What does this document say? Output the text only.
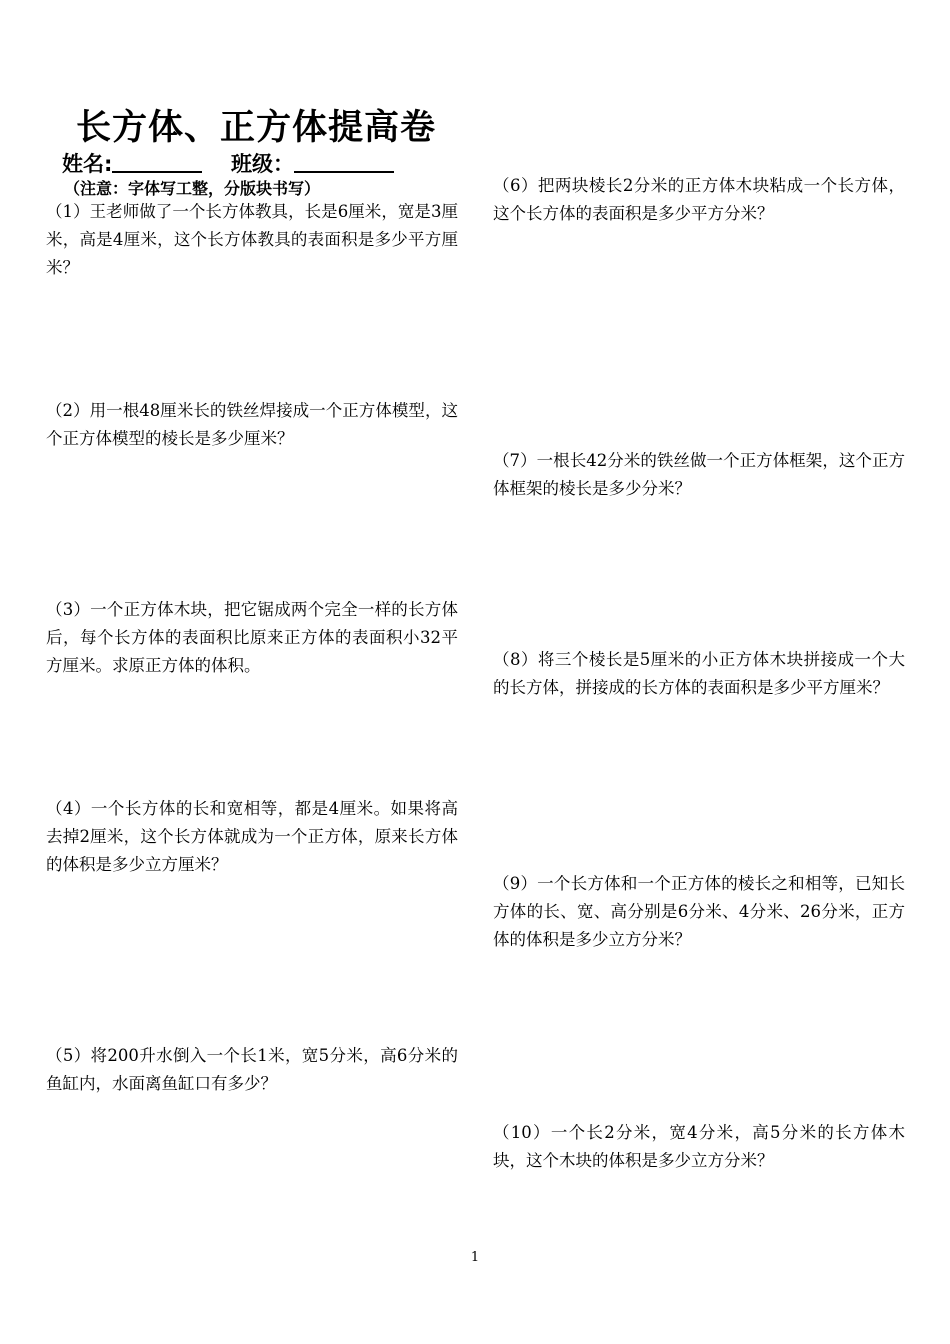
长方体、正方体提高卷
姓名:	班级：
（注意：字体写工整，分版块书写）
（1）王老师做了一个长方体教具，长是6厘米，宽是3厘米，高是4厘米，这个长方体教具的表面积是多少平方厘米？
（2）用一根48厘米长的铁丝焊接成一个正方体模型，这个正方体模型的棱长是多少厘米？
（3）一个正方体木块，把它锯成两个完全一样的长方体后，每个长方体的表面积比原来正方体的表面积小32平方厘米。求原正方体的体积。
（4）一个长方体的长和宽相等，都是4厘米。如果将高去掉2厘米，这个长方体就成为一个正方体，原来长方体的体积是多少立方厘米？
（5）将200升水倒入一个长1米，宽5分米，高6分米的鱼缸内，水面离鱼缸口有多少？
（6）把两块棱长2分米的正方体木块粘成一个长方体，这个长方体的表面积是多少平方分米？
（7）一根长42分米的铁丝做一个正方体框架，这个正方体框架的棱长是多少分米？
（8）将三个棱长是5厘米的小正方体木块拼接成一个大的长方体，拼接成的长方体的表面积是多少平方厘米？
（9）一个长方体和一个正方体的棱长之和相等，已知长方体的长、宽、高分别是6分米、4分米、26分米，正方体的体积是多少立方分米？
（10）一个长2分米，宽4分米，高5分米的长方体木块，这个木块的体积是多少立方分米？
1
